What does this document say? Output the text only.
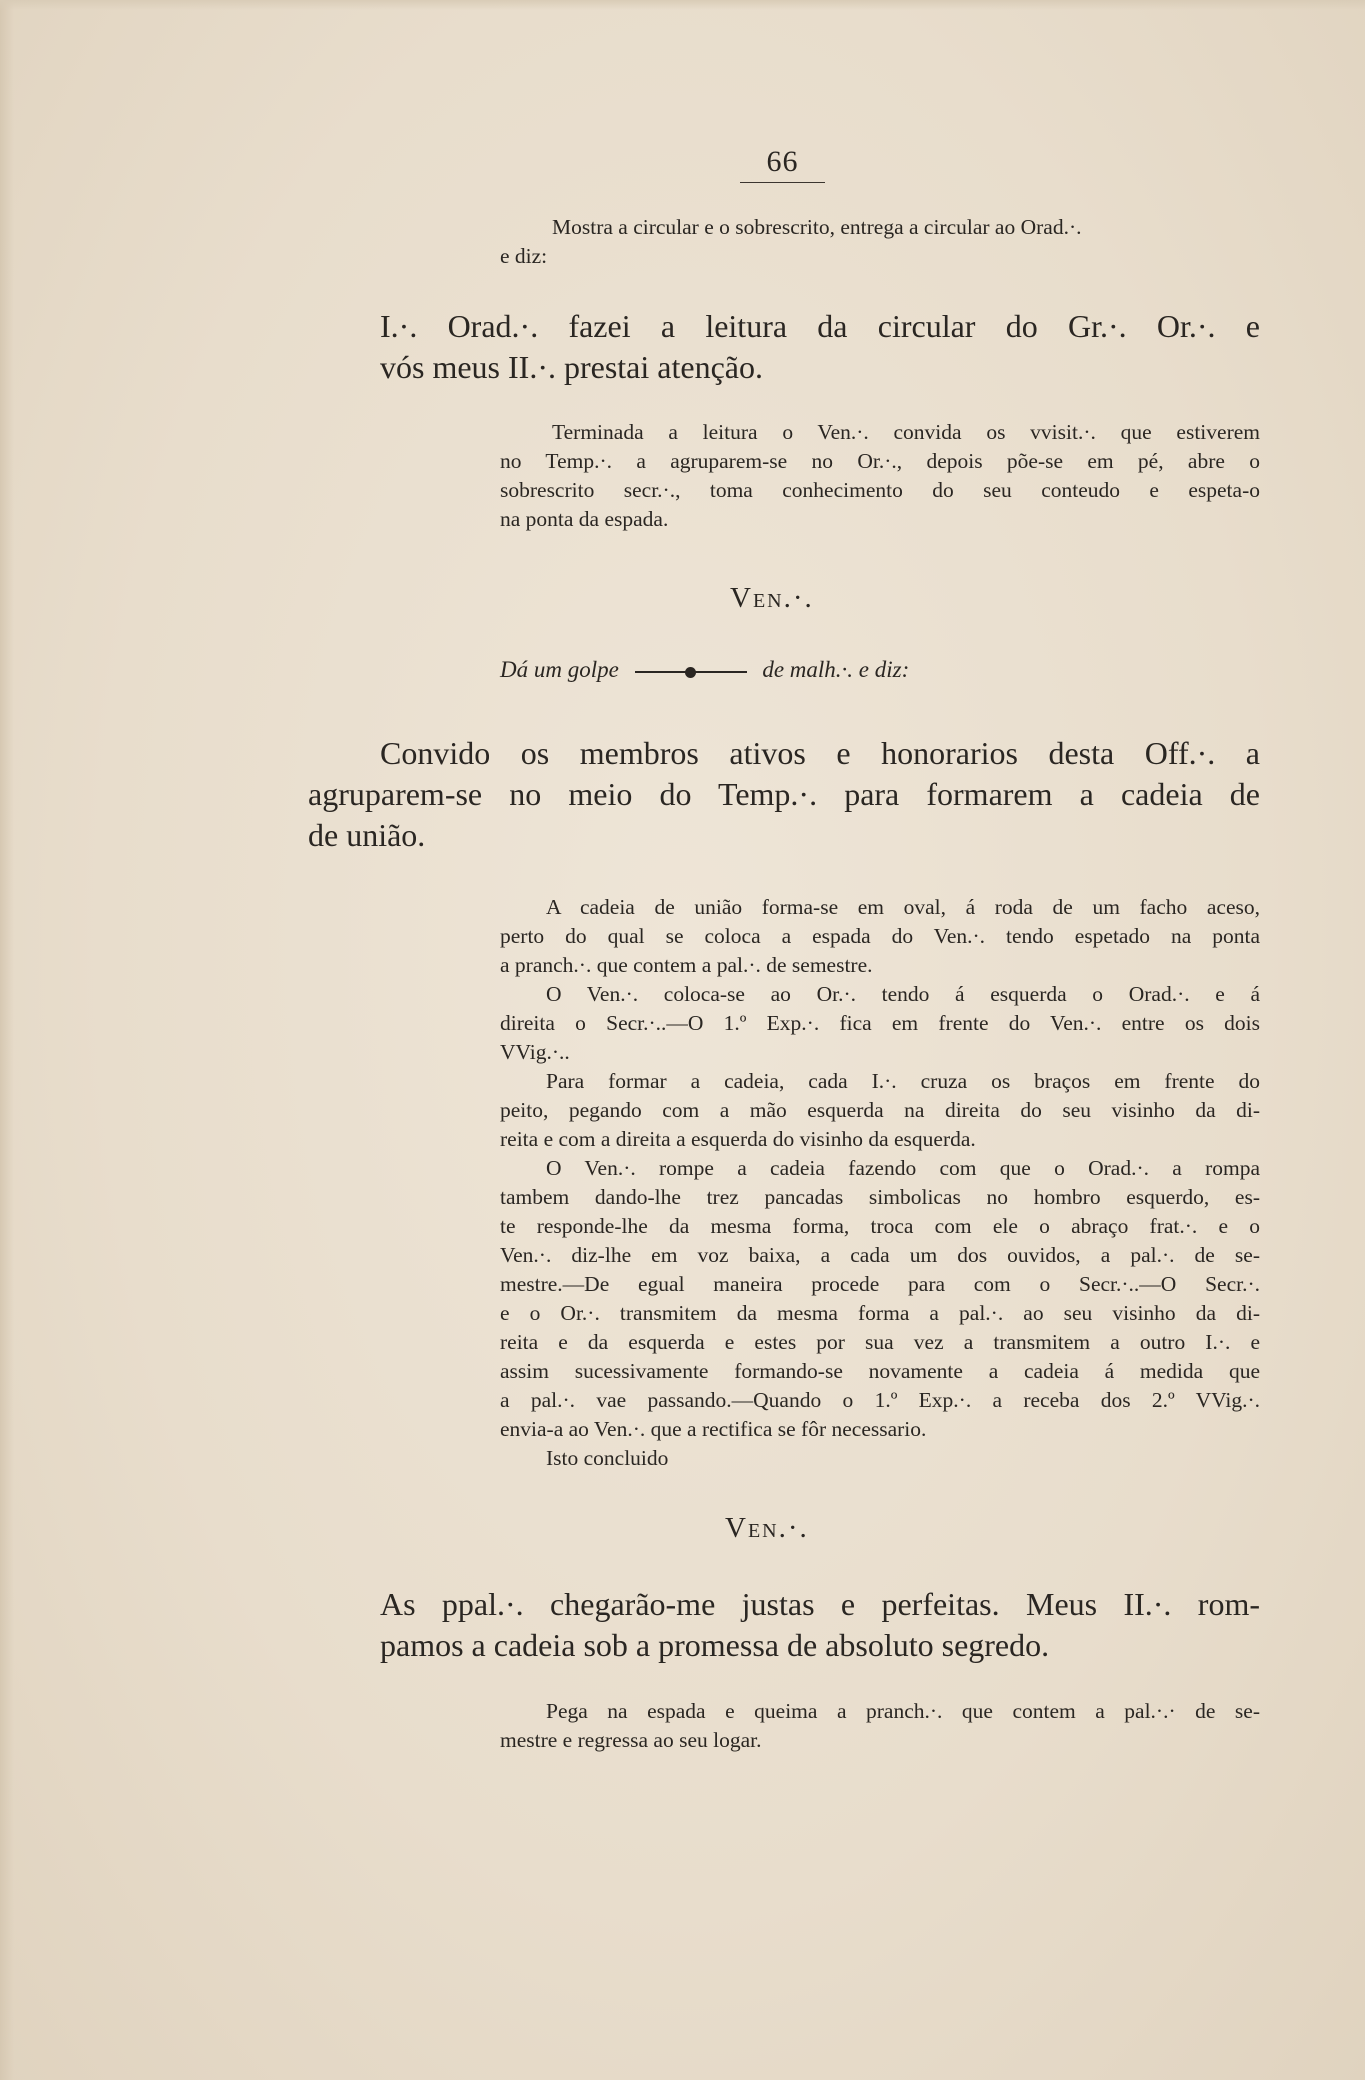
66
Mostra a circular e o sobrescrito, entrega a circular ao Orad.·.
e diz:
I.·. Orad.·. fazei a leitura da circular do Gr.·. Or.·. e
vós meus II.·. prestai atenção.
Terminada a leitura o Ven.·. convida os vvisit.·. que estiverem
no Temp.·. a agruparem-se no Or.·., depois põe-se em pé, abre o
sobrescrito secr.·., toma conhecimento do seu conteudo e espeta-o
na ponta da espada.
Ven.·.
Dá um golpe	de malh.·. e diz:
Convido os membros ativos e honorarios desta Off.·. a
agruparem-se no meio do Temp.·. para formarem a cadeia de
de união.
A cadeia de união forma-se em oval, á roda de um facho aceso,
perto do qual se coloca a espada do Ven.·. tendo espetado na ponta
a pranch.·. que contem a pal.·. de semestre.
O Ven.·. coloca-se ao Or.·. tendo á esquerda o Orad.·. e á
direita o Secr.·..—O 1.º Exp.·. fica em frente do Ven.·. entre os dois
VVig.·..
Para formar a cadeia, cada I.·. cruza os braços em frente do
peito, pegando com a mão esquerda na direita do seu visinho da di-
reita e com a direita a esquerda do visinho da esquerda.
O Ven.·. rompe a cadeia fazendo com que o Orad.·. a rompa
tambem dando-lhe trez pancadas simbolicas no hombro esquerdo, es-
te responde-lhe da mesma forma, troca com ele o abraço frat.·. e o
Ven.·. diz-lhe em voz baixa, a cada um dos ouvidos, a pal.·. de se-
mestre.—De egual maneira procede para com o Secr.·..—O Secr.·.
e o Or.·. transmitem da mesma forma a pal.·. ao seu visinho da di-
reita e da esquerda e estes por sua vez a transmitem a outro I.·. e
assim sucessivamente formando-se novamente a cadeia á medida que
a pal.·. vae passando.—Quando o 1.º Exp.·. a receba dos 2.º VVig.·.
envia-a ao Ven.·. que a rectifica se fôr necessario.
Isto concluido
Ven.·.
As ppal.·. chegarão-me justas e perfeitas. Meus II.·. rom-
pamos a cadeia sob a promessa de absoluto segredo.
Pega na espada e queima a pranch.·. que contem a pal.·.· de se-
mestre e regressa ao seu logar.
